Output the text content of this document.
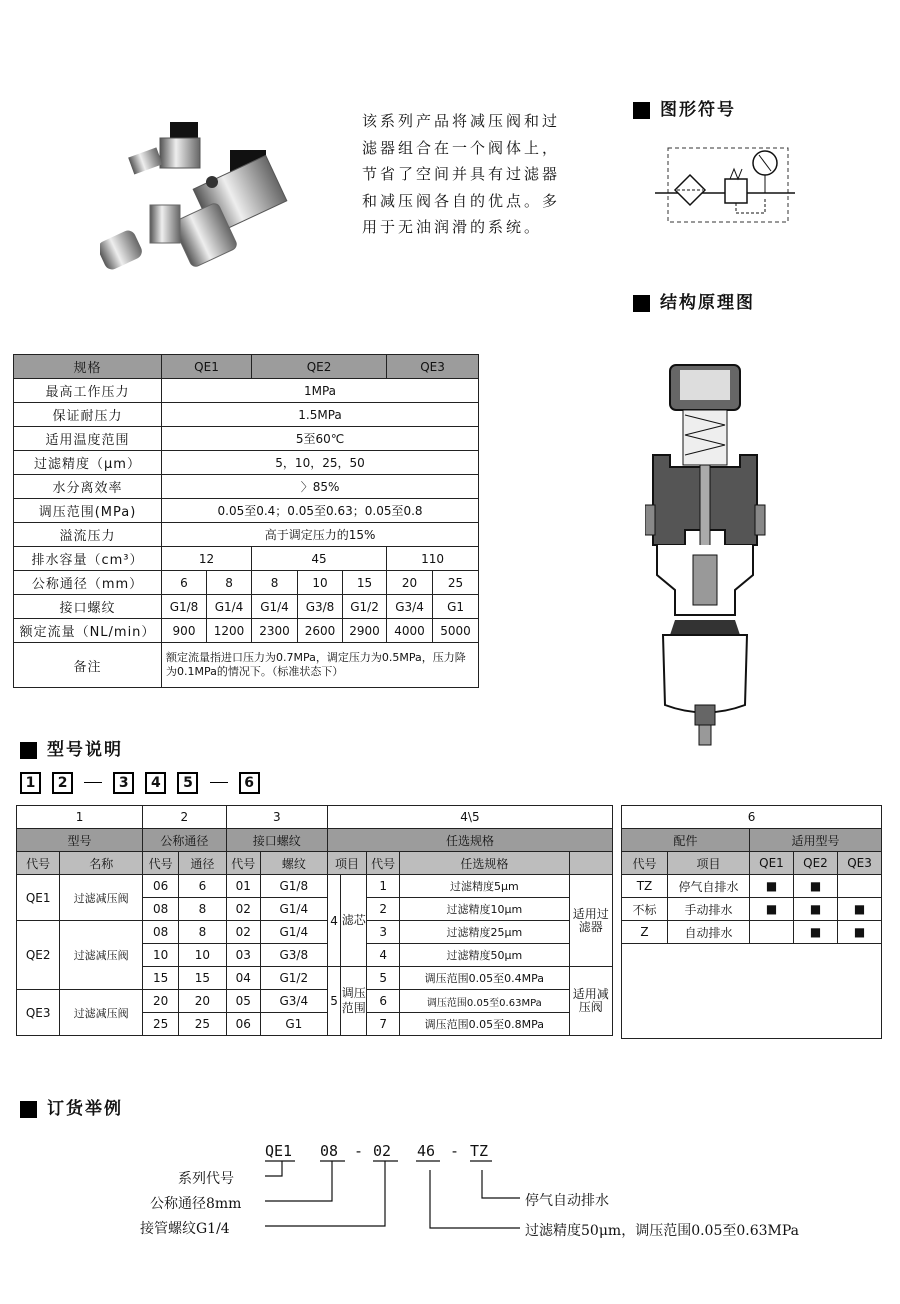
该系列产品将减压阀和过滤器组合在一个阀体上，节省了空间并具有过滤器和减压阀各自的优点。多用于无油润滑的系统。
图形符号
结构原理图
规格	QE1		QE2			QE3	
最高工作压力	1MPa						
保证耐压力	1.5MPa						
适用温度范围	5至60℃						
过滤精度（μm）	5，10，25，50						
水分离效率	〉85%						
调压范围(MPa)	0.05至0.4；0.05至0.63；0.05至0.8						
溢流压力	高于调定压力的15%						
排水容量（cm³）	12		45			110	
公称通径（mm）	6	8	8	10	15	20	25
接口螺纹	G1/8	G1/4	G1/4	G3/8	G1/2	G3/4	G1
额定流量（NL/min）	900	1200	2300	2600	2900	4000	5000
备注	额定流量指进口压力为0.7MPa，调定压力为0.5MPa，压力降为0.1MPa的情况下。（标准状态下）						
型号说明
1 2	3 4 5	6
1		2		3		4\5				
型号		公称通径		接口螺纹		任选规格				
代号	名称	代号	通径	代号	螺纹	项目		代号	任选规格	
QE1	过滤减压阀	06	6	01	G1/8	4	滤芯	1	过滤精度5μm	适用过滤器
		08	8	02	G1/4			2	过滤精度10μm	
QE2	过滤减压阀	08	8	02	G1/4			3	过滤精度25μm	
		10	10	03	G3/8			4	过滤精度50μm	
		15	15	04	G1/2	5	调压范围	5	调压范围0.05至0.4MPa	适用减压阀
QE3	过滤减压阀	20	20	05	G3/4			6	调压范围0.05至0.63MPa	
		25	25	06	G1			7	调压范围0.05至0.8MPa	
6				
配件		适用型号		
代号	项目	QE1	QE2	QE3
TZ	停气自排水	■	■	
不标	手动排水	■	■	■
Z	自动排水		■	■

订货举例
QE1 08 - 02 46 - TZ
系列代号
公称通径8mm
接管螺纹G1/4
停气自动排水
过滤精度50μm，调压范围0.05至0.63MPa
